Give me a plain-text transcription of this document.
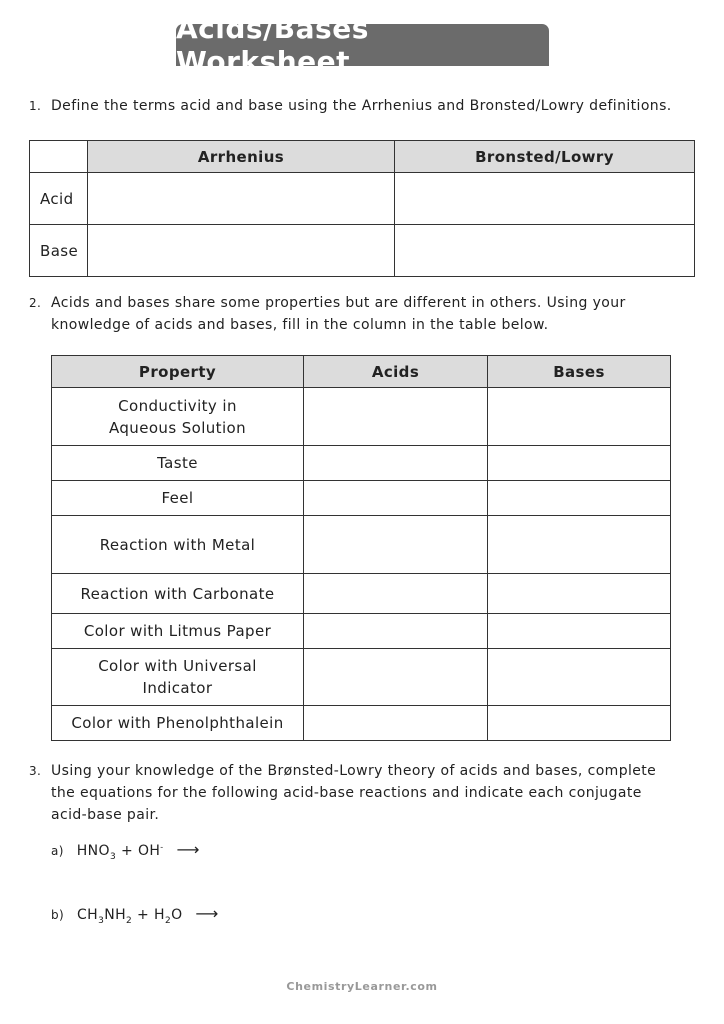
Acids/Bases Worksheet
1. Define the terms acid and base using the Arrhenius and Bronsted/Lowry definitions.
	Arrhenius	Bronsted/Lowry
Acid		
Base		
2. Acids and bases share some properties but are different in others. Using your
knowledge of acids and bases, fill in the column in the table below.
Property	Acids	Bases
Conductivity in Aqueous Solution		
Taste		
Feel		
Reaction with Metal		
Reaction with Carbonate		
Color with Litmus Paper		
Color with Universal Indicator		
Color with Phenolphthalein		
3. Using your knowledge of the Brønsted-Lowry theory of acids and bases, complete
the equations for the following acid-base reactions and indicate each conjugate
acid-base pair.
a) $HNO_3 + OH^-$ ⟶
b) $CH_3NH_2 + H_2O$ ⟶
ChemistryLearner.com
